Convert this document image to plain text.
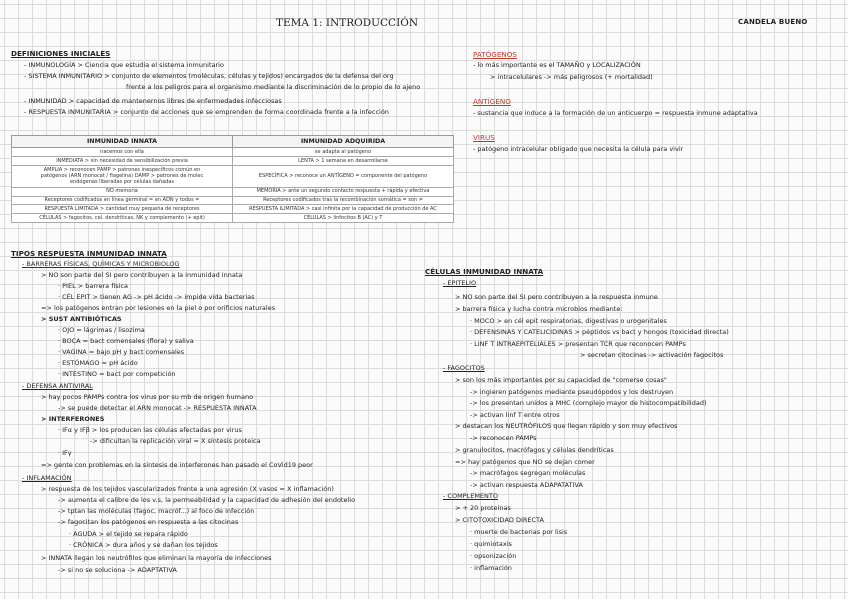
TEMA 1: INTRODUCCIÓN	CANDELA BUENO
DEFINICIONES INICIALES
- INMUNOLOGÍA > Ciencia que estudia el sistema inmunitario
- SISTEMA INMUNITARIO > conjunto de elementos (moléculas, células y tejidos) encargados de la defensa del org
frente a los peligros para el organismo mediante la discriminación de lo propio de lo ajeno
- INMUNIDAD > capacidad de mantenernos libres de enfermedades infecciosas
- RESPUESTA INMUNITARIA > conjunto de acciones que se emprenden de forma coordinada frente a la infección
PATÓGENOS
- lo más importante es el TAMAÑO y LOCALIZACIÓN
> intracelulares -> más peligrosos (+ mortalidad)
ANTÍGENO
- sustancia que induce a la formación de un anticuerpo = respuesta inmune adaptativa
VIRUS
- patógeno intracelular obligado que necesita la célula para vivir
INMUNIDAD INNATA	INMUNIDAD ADQUIRIDA
nacemos con ella	se adapta al patógeno
INMEDIATA > sin necesidad de sensibilización previa	LENTA > 1 semana en desarrollarse
AMPLIA > reconocen PAMP > patrones inespecíficos común en patógenos (ARN monocat / flagelina) DAMP > patrones de molec endógenas liberadas por células dañadas	ESPECÍFICA > reconoce un ANTÍGENO = componente del patógeno
NO memoria	MEMORIA > ante un segundo contacto respuesta + rápida y efectiva
Receptores codificados en línea germinal = en ADN y todos =	Receptores codificados tras la recombinación somática = son ≠
RESPUESTA LIMITADA > cantidad muy pequeña de receptores	RESPUESTA ILIMITADA > casi infinita por la capacidad de producción de AC
CÉLULAS > fagocitos, cel. dendríticas, NK y complemento (+ epit)	CÉLULAS > linfocitos B (AC) y T
TIPOS RESPUESTA INMUNIDAD INNATA
- BARRERAS FÍSICAS, QUÍMICAS Y MICROBIOLOG
> NO son parte del SI pero contribuyen a la inmunidad innata
· PIEL > barrera física
· CÉL EPIT > tienen AG -> pH ácido -> impide vida bacterias
=> los patógenos entran por lesiones en la piel o por orificios naturales
> SUST ANTIBIÓTICAS
· OJO = lágrimas / lisozima
· BOCA = bact comensales (flora) y saliva
· VAGINA = bajo pH y bact comensales
· ESTÓMAGO = pH ácido
· INTESTINO = bact por competición
- DEFENSA ANTIVIRAL
> hay pocos PAMPs contra los virus por su mb de origen humano
-> se puede detectar el ARN monocat -> RESPUESTA INNATA
> INTERFERONES
· IFα y IFβ > los producen las células afectadas por virus
-> dificultan la replicación viral = X síntesis proteica
· IFγ
=> gente con problemas en la síntesis de interferones han pasado el CoVid19 peor
- INFLAMACIÓN
> respuesta de los tejidos vascularizados frente a una agresión (X vasos = X inflamación)
-> aumenta el calibre de los v.s, la permeabilidad y la capacidad de adhesión del endotelio
-> tptan las moléculas (fagoc, macróf...) al foco de infección
-> fagocitan los patógenos en respuesta a las citocinas
· AGUDA > el tejido se repara rápido
· CRÓNICA > dura años y se dañan los tejidos
> INNATA llegan los neutrófilos que eliminan la mayoría de infecciones
-> si no se soluciona -> ADAPTATIVA
CÉLULAS INMUNIDAD INNATA
- EPITELIO
> NO son parte del SI pero contribuyen a la respuesta inmune
> barrera física y lucha contra microbios mediante:
· MOCO > en cél epit respiratorias, digestivas o urogenitales
· DEFENSINAS Y CATELICIDINAS > péptidos vs bact y hongos (toxicidad directa)
· LINF T INTRAEPITELIALES > presentan TCR que reconocen PAMPs
> secretan citocinas -> activación fagocitos
- FAGOCITOS
> son los más importantes por su capacidad de "comerse cosas"
-> ingieren patógenos mediante pseudópodos y los destruyen
-> los presentan unidos a MHC (complejo mayor de histocompatibilidad)
-> activan linf T entre otros
> destacan los NEUTRÓFILOS que llegan rápido y son muy efectivos
-> reconocen PAMPs
> granulocitos, macrófagos y células dendríticas
=> hay patógenos que NO se dejan comer
-> macrófagos segregan moléculas
-> activan respuesta ADAPATATIVA
- COMPLEMENTO
> + 20 proteínas
> CITOTOXICIDAD DIRECTA
· muerte de bacterias por lisis
· quimiotaxis
· opsonización
· inflamación
